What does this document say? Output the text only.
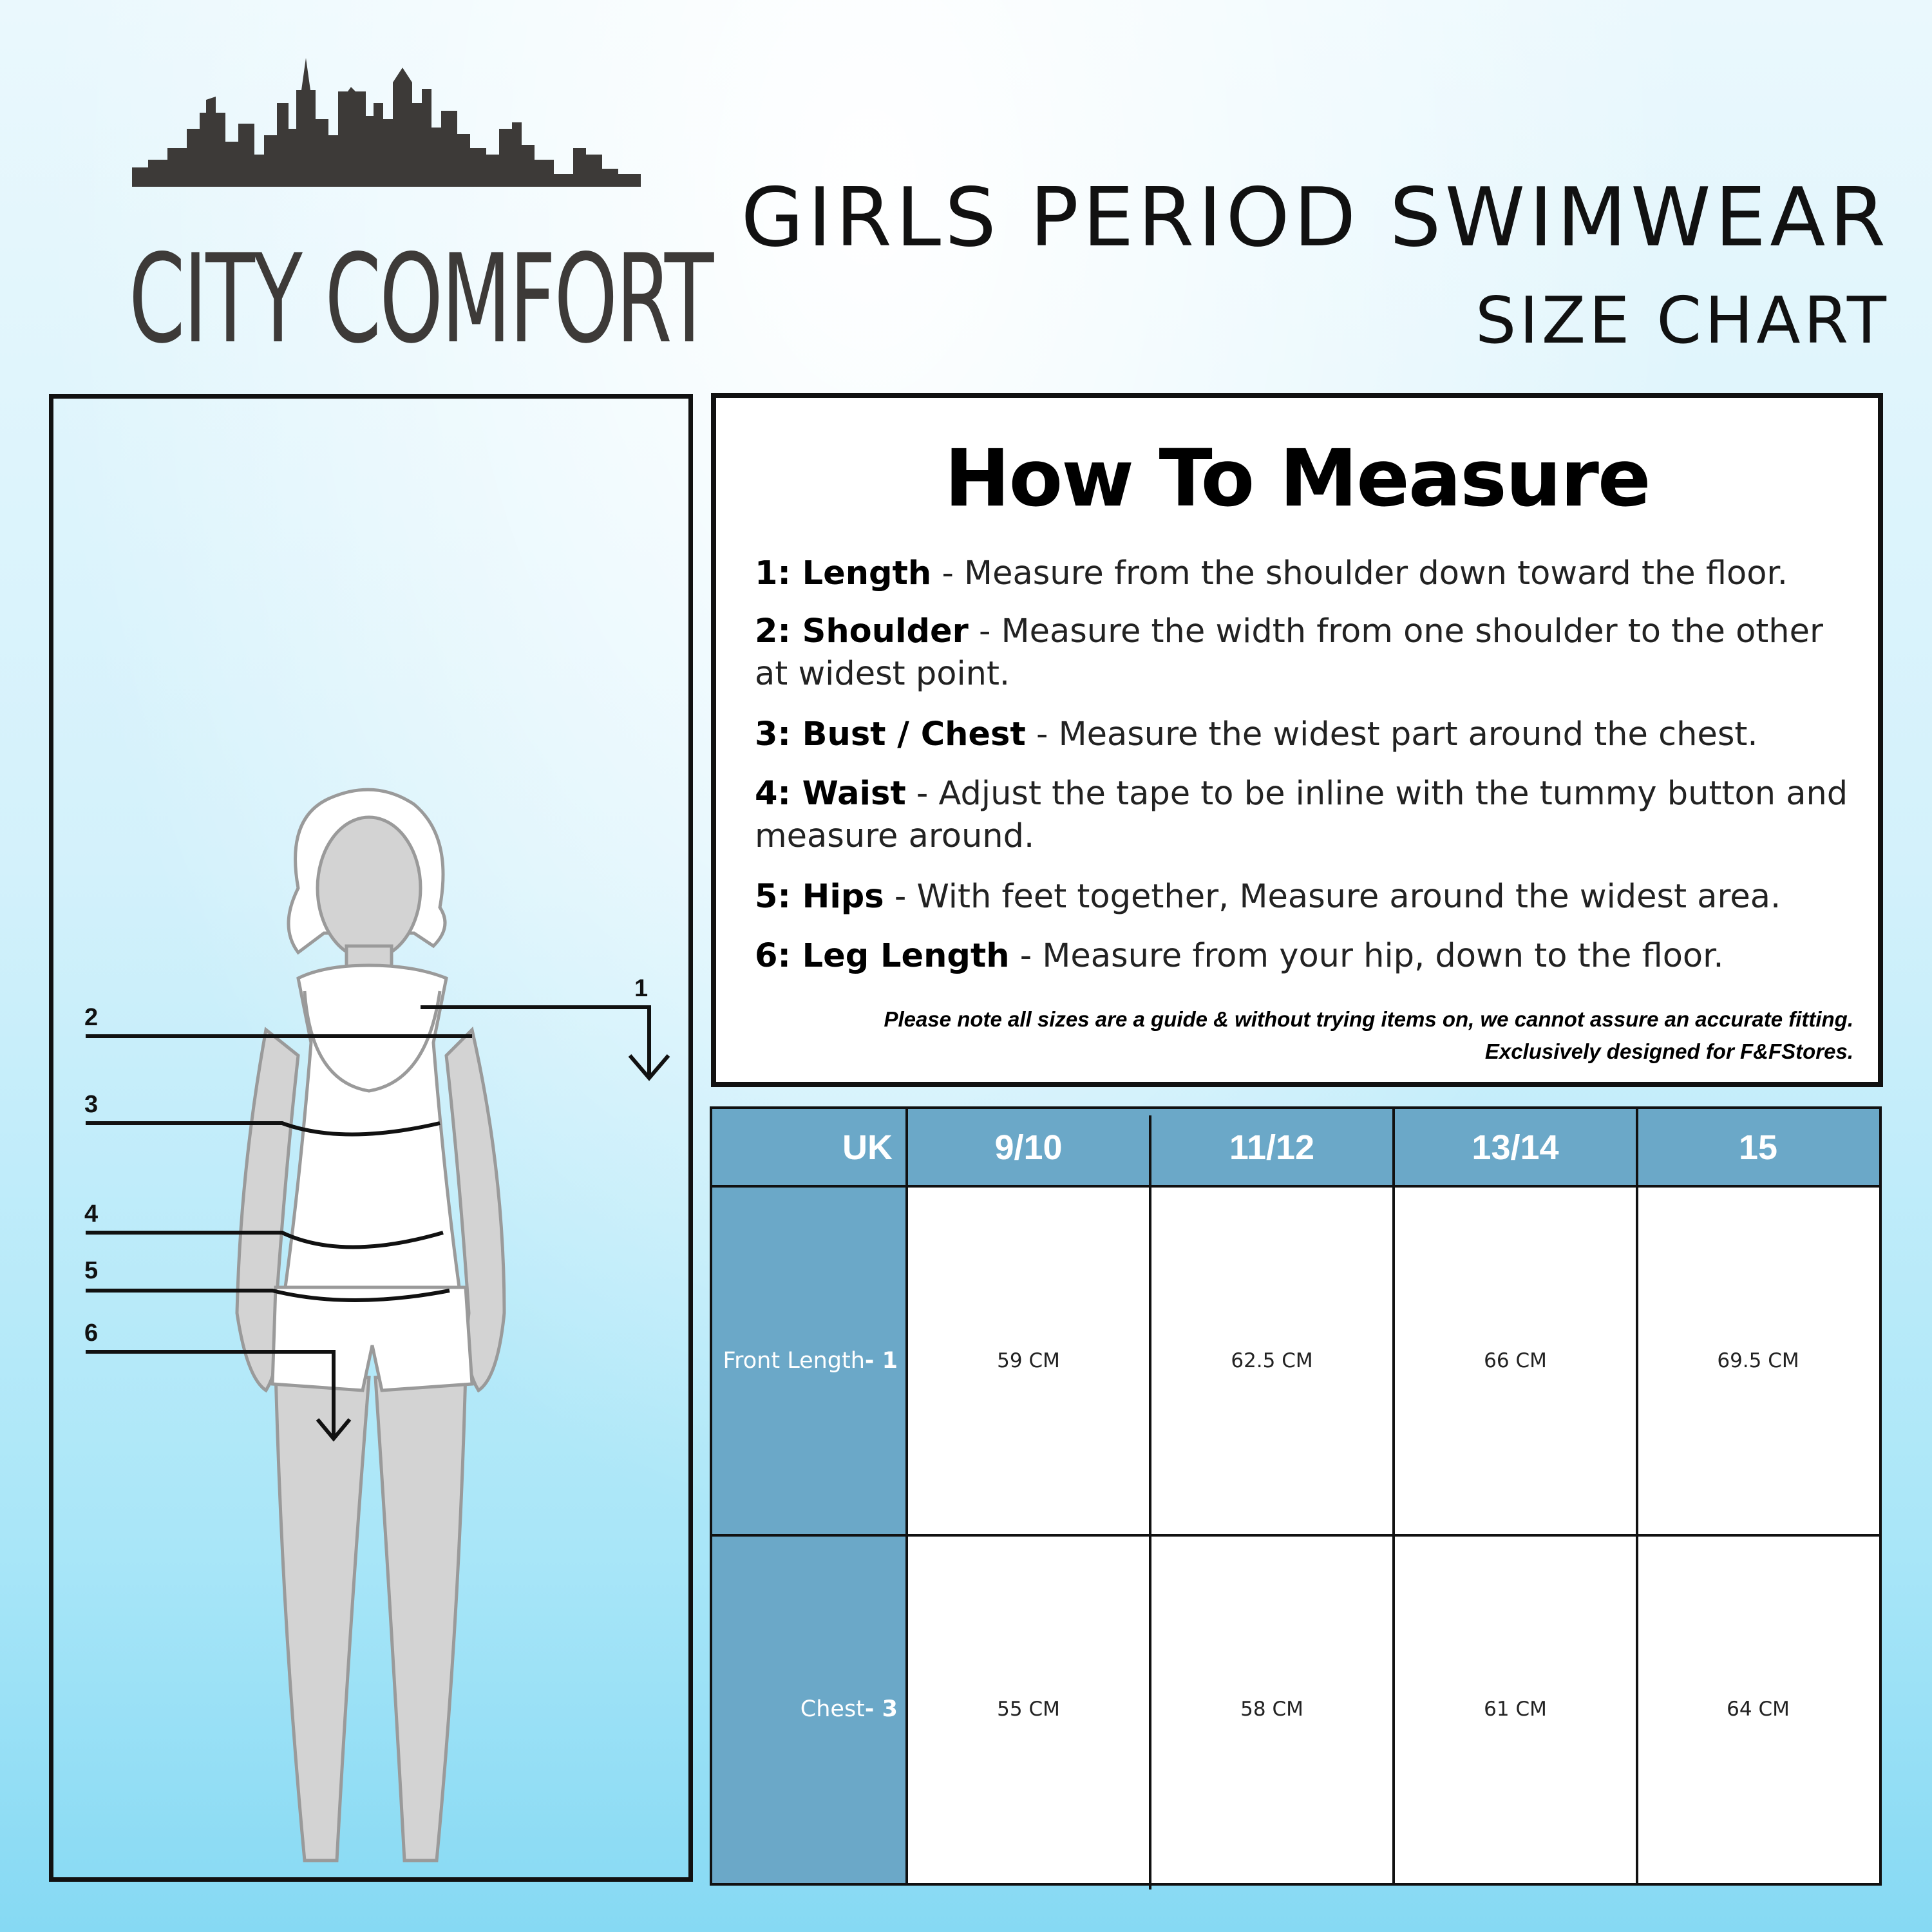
CITY COMFORT
GIRLS PERIOD SWIMWEAR
SIZE CHART
1
2
3
4
5
6
How To Measure
1: Length - Measure from the shoulder down toward the floor.
2: Shoulder - Measure the width from one shoulder to the other at widest point.
3: Bust / Chest - Measure the widest part around the chest.
4: Waist - Adjust the tape to be inline with the tummy button and measure around.
5: Hips - With feet together, Measure around the widest area.
6: Leg Length - Measure from your hip, down to the floor.
Please note all sizes are a guide & without trying items on, we cannot assure an accurate fitting.
Exclusively designed for F&FStores.
UK	9/10	11/12	13/14	15
Front Length - 1	59 CM	62.5 CM	66 CM	69.5 CM
Chest - 3	55 CM	58 CM	61 CM	64 CM
